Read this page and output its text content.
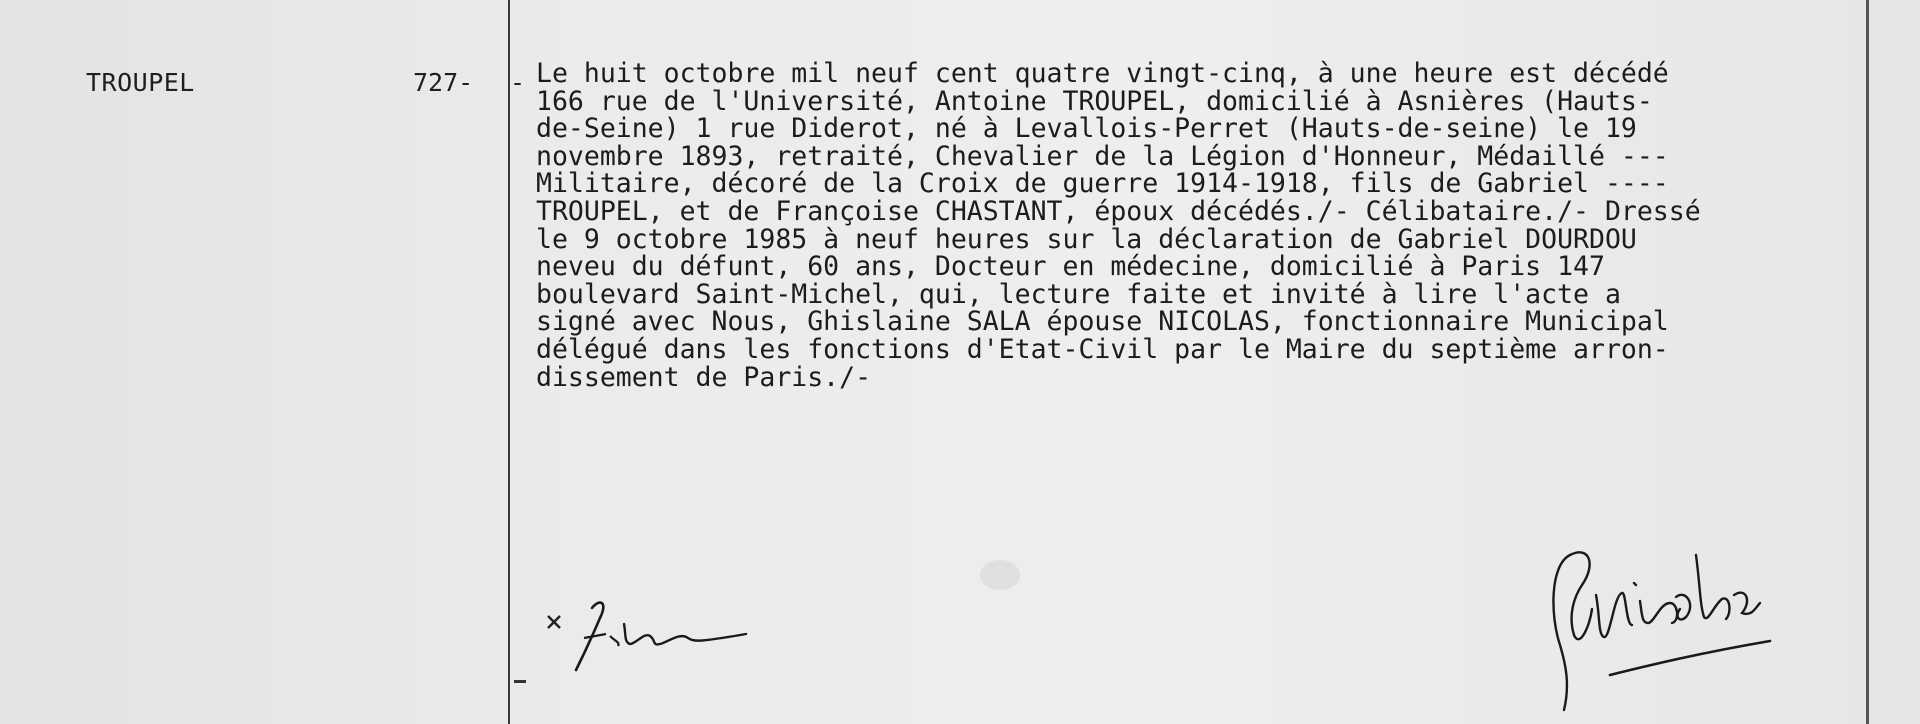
TROUPEL	727- - Le huit octobre mil neuf cent quatre vingt-cinq, à une heure est décédé
166 rue de l'Université, Antoine TROUPEL, domicilié à Asnières (Hauts-
de-Seine) 1 rue Diderot, né à Levallois-Perret (Hauts-de-seine) le 19
novembre 1893, retraité, Chevalier de la Légion d'Honneur, Médaillé ---
Militaire, décoré de la Croix de guerre 1914-1918, fils de Gabriel ----
TROUPEL, et de Françoise CHASTANT, époux décédés./- Célibataire./- Dressé
le 9 octobre 1985 à neuf heures sur la déclaration de Gabriel DOURDOU
neveu du défunt, 60 ans, Docteur en médecine, domicilié à Paris 147
boulevard Saint-Michel, qui, lecture faite et invité à lire l'acte a
signé avec Nous, Ghislaine SALA épouse NICOLAS, fonctionnaire Municipal
délégué dans les fonctions d'Etat-Civil par le Maire du septième arron-
dissement de Paris./-
